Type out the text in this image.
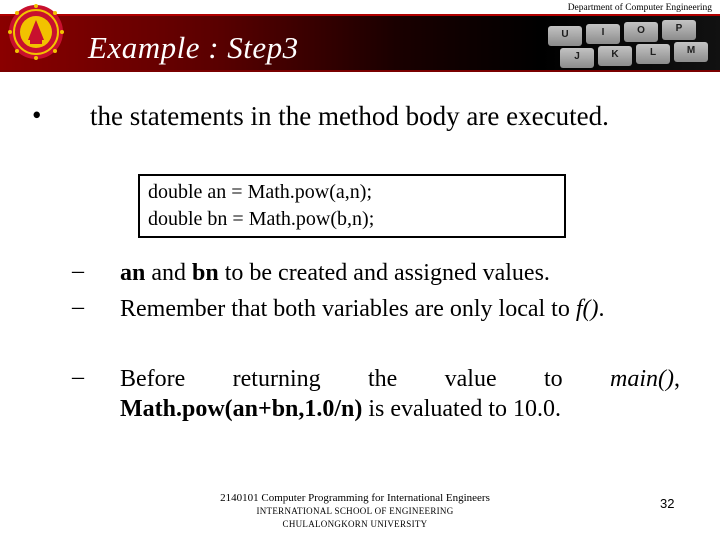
U	I	O	P
J	K	L	M
Department of Computer Engineering
Example : Step3
• the statements in the method body are executed.
double an = Math.pow(a,n);
double bn = Math.pow(b,n);
– an and bn to be created and assigned values.
– Remember that both variables are only local to f().
– Before returning the value to main(),
Math.pow(an+bn,1.0/n) is evaluated to 10.0.
2140101 Computer Programming for International Engineers
INTERNATIONAL SCHOOL OF ENGINEERING
CHULALONGKORN UNIVERSITY
32
